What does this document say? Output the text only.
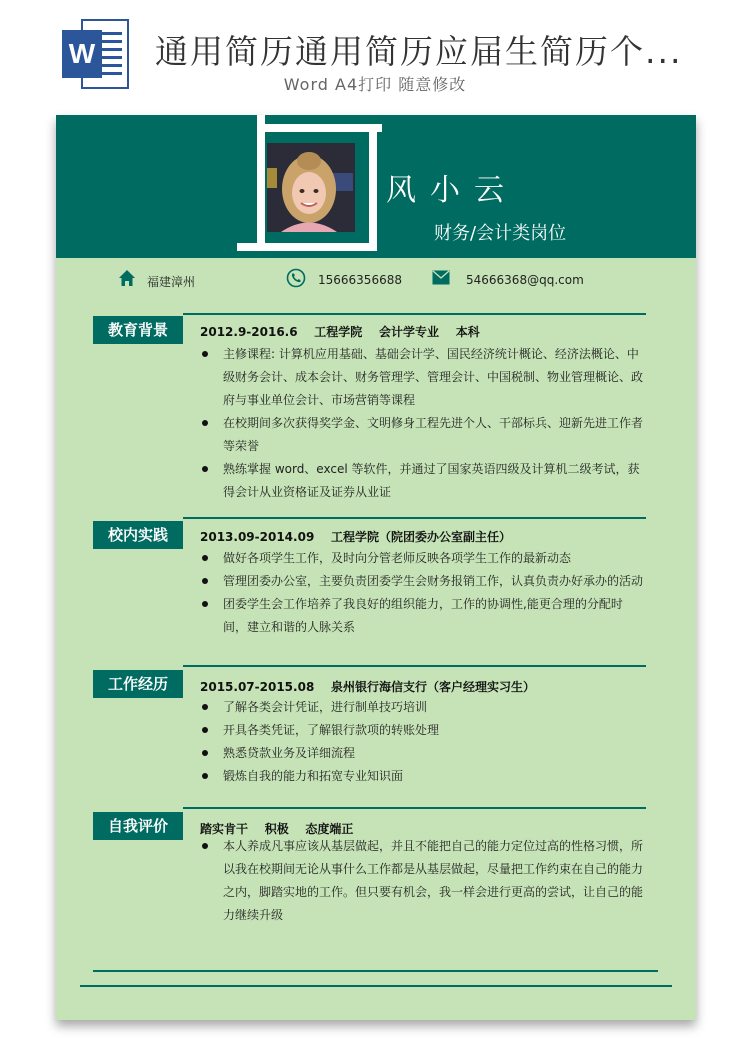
W 通用简历通用简历应届生简历个...
Word A4打印 随意修改
风小云
财务/会计类岗位
福建漳州	15666356688	54666368@qq.com
教育背景	2012.9-2016.6    工程学院    会计学专业    本科
主修课程: 计算机应用基础、基础会计学、国民经济统计概论、经济法概论、中级财务会计、成本会计、财务管理学、管理会计、中国税制、物业管理概论、政府与事业单位会计、市场营销等课程
在校期间多次获得奖学金、文明修身工程先进个人、干部标兵、迎新先进工作者等荣誉
熟练掌握 word、excel 等软件，并通过了国家英语四级及计算机二级考试，获得会计从业资格证及证券从业证
校内实践	2013.09-2014.09    工程学院（院团委办公室副主任）
做好各项学生工作，及时向分管老师反映各项学生工作的最新动态
管理团委办公室，主要负责团委学生会财务报销工作，认真负责办好承办的活动
团委学生会工作培养了我良好的组织能力，工作的协调性,能更合理的分配时间，建立和谐的人脉关系
工作经历	2015.07-2015.08    泉州银行海信支行（客户经理实习生）
了解各类会计凭证，进行制单技巧培训
开具各类凭证，了解银行款项的转账处理
熟悉贷款业务及详细流程
锻炼自我的能力和拓宽专业知识面
自我评价	踏实肯干    积极    态度端正
本人养成凡事应该从基层做起，并且不能把自己的能力定位过高的性格习惯，所以我在校期间无论从事什么工作都是从基层做起，尽量把工作约束在自己的能力之内，脚踏实地的工作。但只要有机会，我一样会进行更高的尝试，让自己的能力继续升级
